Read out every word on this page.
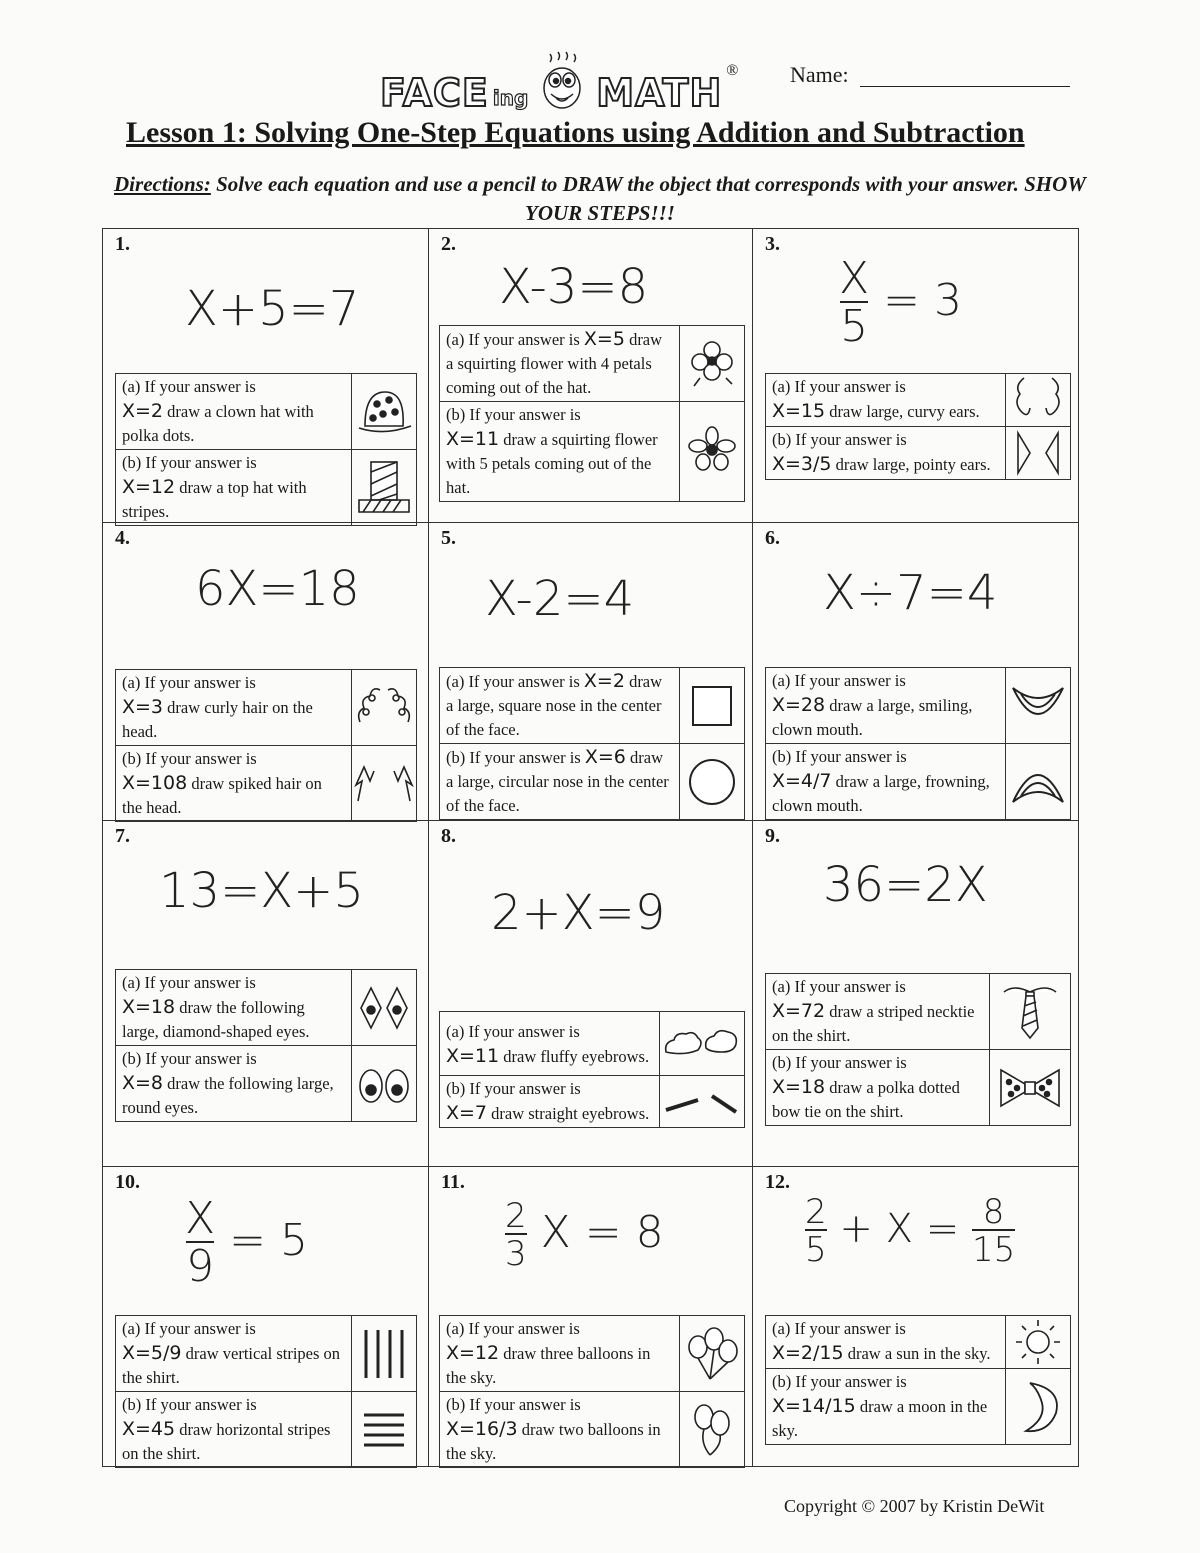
FACE ing MATH
® Name:
Lesson 1: Solving One-Step Equations using Addition and Subtraction
Directions: Solve each equation and use a pencil to DRAW the object that corresponds with your answer. SHOW YOUR STEPS!!!
1.
X+5=7
(a) If your answer is
X=2 draw a clown hat with polka dots.
(b) If your answer is
X=12 draw a top hat with stripes.
2.
X-3=8
(a) If your answer is X=5 draw a squirting flower with 4 petals coming out of the hat.
(b) If your answer is
X=11 draw a squirting flower with 5 petals coming out of the hat.
3.
$\frac{X}{5} = 3$
(a) If your answer is
X=15 draw large, curvy ears.
(b) If your answer is
X=3/5 draw large, pointy ears.
4.
6X=18
(a) If your answer is
X=3 draw curly hair on the head.
(b) If your answer is
X=108 draw spiked hair on the head.
5.
X-2=4
(a) If your answer is X=2 draw a large, square nose in the center of the face.
(b) If your answer is X=6 draw a large, circular nose in the center of the face.
6.
X÷7=4
(a) If your answer is
X=28 draw a large, smiling, clown mouth.
(b) If your answer is
X=4/7 draw a large, frowning, clown mouth.
7.
13=X+5
(a) If your answer is
X=18 draw the following large, diamond-shaped eyes.
(b) If your answer is
X=8 draw the following large, round eyes.
8.
2+X=9
(a) If your answer is
X=11 draw fluffy eyebrows.
(b) If your answer is
X=7 draw straight eyebrows.
9.
36=2X
(a) If your answer is
X=72 draw a striped necktie on the shirt.
(b) If your answer is
X=18 draw a polka dotted bow tie on the shirt.
10.
$\frac{X}{9} = 5$
(a) If your answer is
X=5/9 draw vertical stripes on the shirt.
(b) If your answer is
X=45 draw horizontal stripes on the shirt.
11.
$\frac{2}{3}$ X = 8
(a) If your answer is
X=12 draw three balloons in the sky.
(b) If your answer is
X=16/3 draw two balloons in the sky.
12.
$\frac{2}{5} + X = \frac{8}{15}$
(a) If your answer is
X=2/15 draw a sun in the sky.
(b) If your answer is
X=14/15 draw a moon in the sky.
Copyright © 2007 by Kristin DeWit
